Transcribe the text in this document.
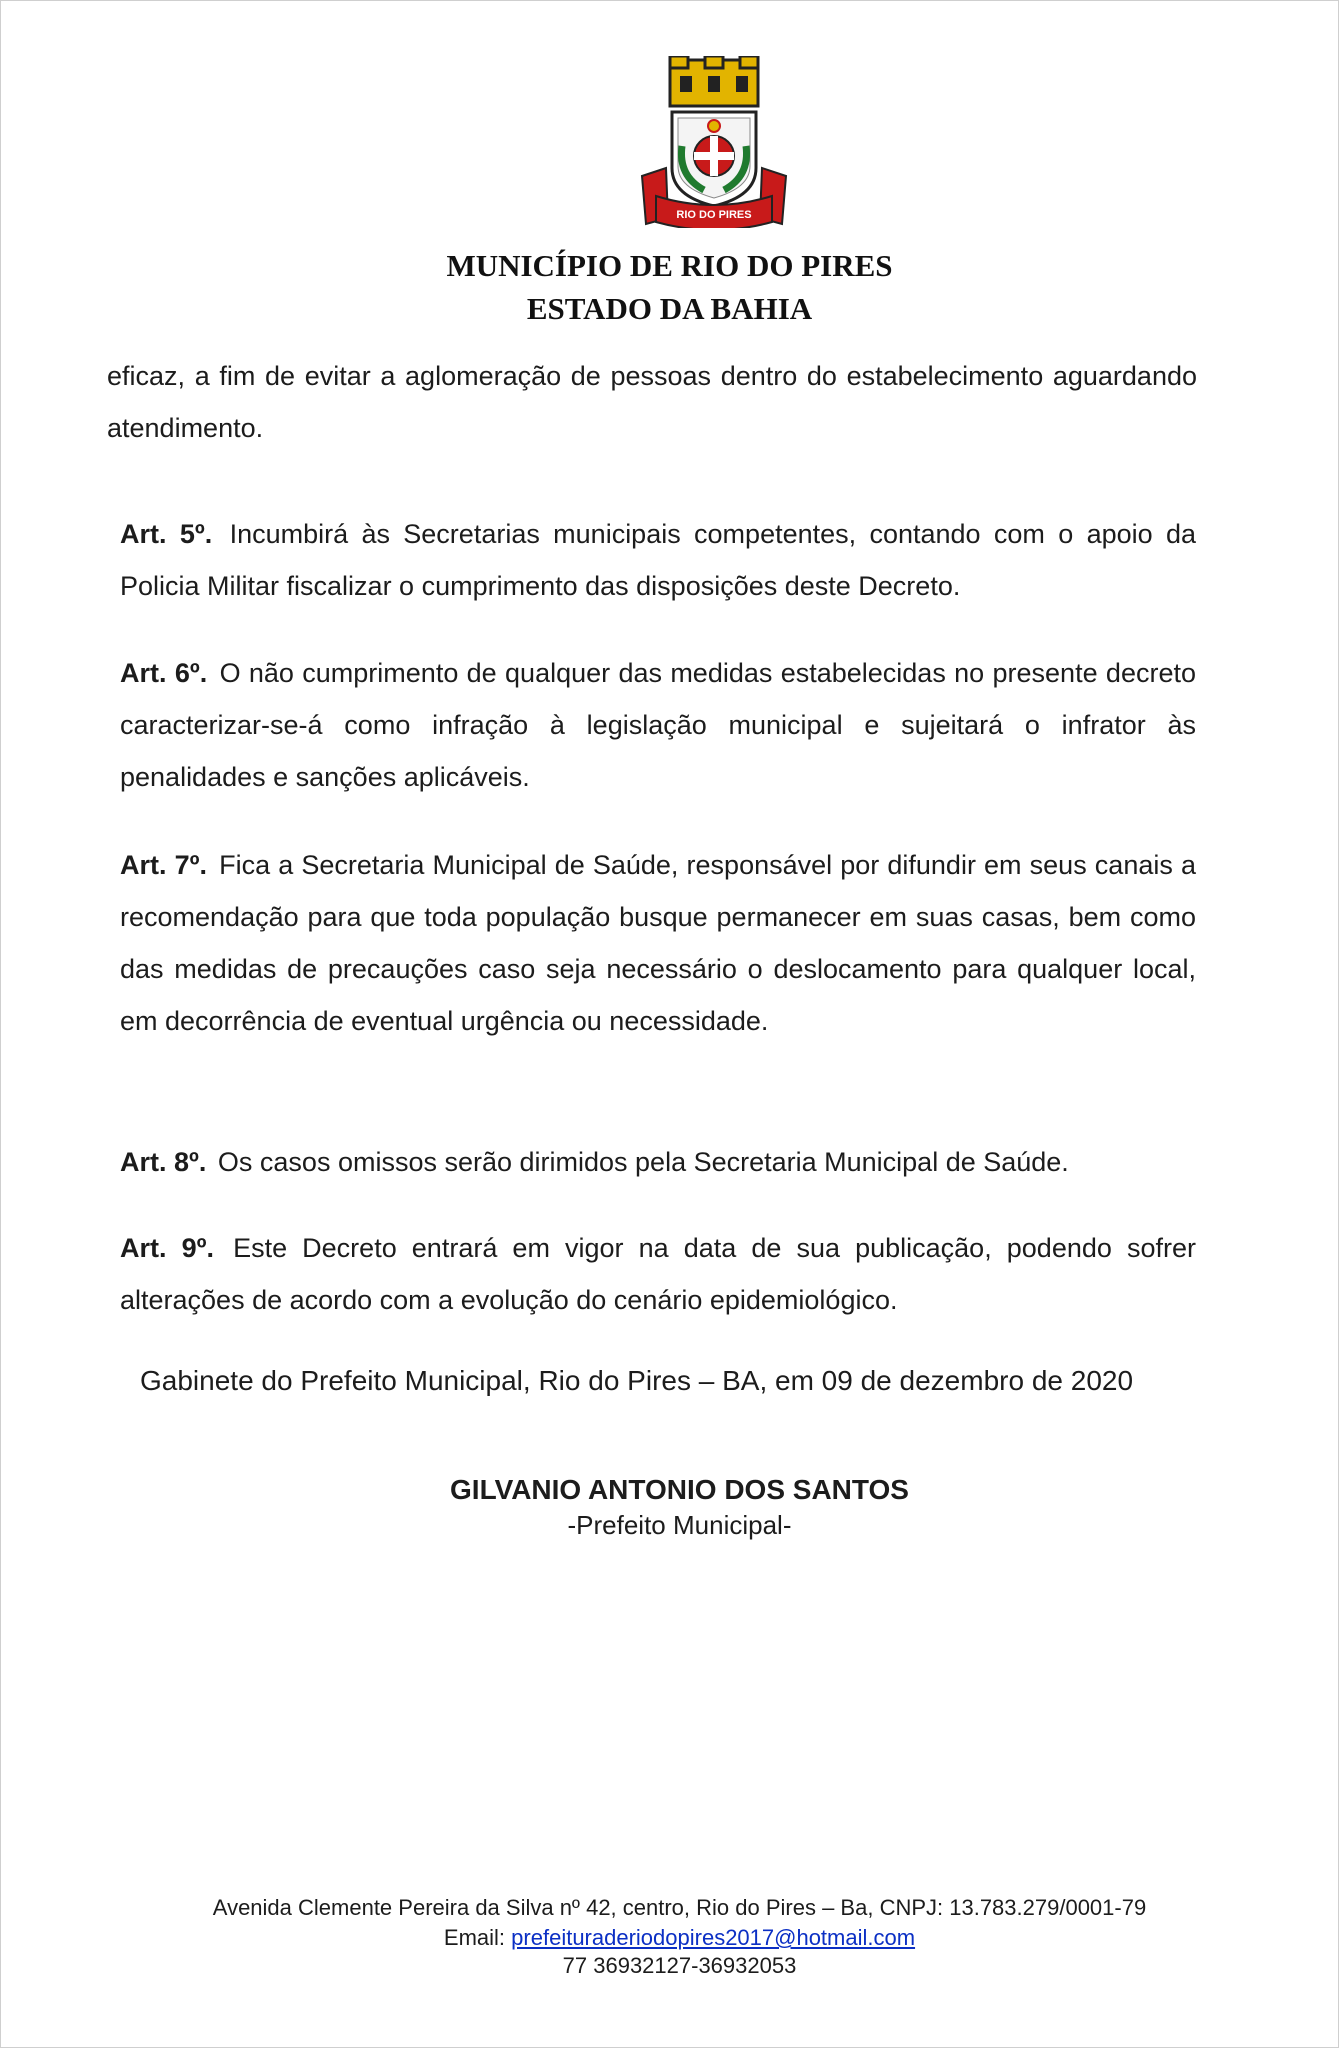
RIO DO PIRES
MUNICÍPIO DE RIO DO PIRES
ESTADO DA BAHIA
eficaz, a fim de evitar a aglomeração de pessoas dentro do estabelecimento aguardando atendimento.
Art. 5º. Incumbirá às Secretarias municipais competentes, contando com o apoio da Policia Militar fiscalizar o cumprimento das disposições deste Decreto.
Art. 6º. O não cumprimento de qualquer das medidas estabelecidas no presente decreto caracterizar-se-á como infração à legislação municipal e sujeitará o infrator às penalidades e sanções aplicáveis.
Art. 7º. Fica a Secretaria Municipal de Saúde, responsável por difundir em seus canais a recomendação para que toda população busque permanecer em suas casas, bem como das medidas de precauções caso seja necessário o deslocamento para qualquer local, em decorrência de eventual urgência ou necessidade.
Art. 8º. Os casos omissos serão dirimidos pela Secretaria Municipal de Saúde.
Art. 9º. Este Decreto entrará em vigor na data de sua publicação, podendo sofrer alterações de acordo com a evolução do cenário epidemiológico.
Gabinete do Prefeito Municipal, Rio do Pires – BA, em 09 de dezembro de 2020
GILVANIO ANTONIO DOS SANTOS
-Prefeito Municipal-
Avenida Clemente Pereira da Silva nº 42, centro, Rio do Pires – Ba, CNPJ: 13.783.279/0001-79
Email: prefeituraderiodopires2017@hotmail.com
77 36932127-36932053
